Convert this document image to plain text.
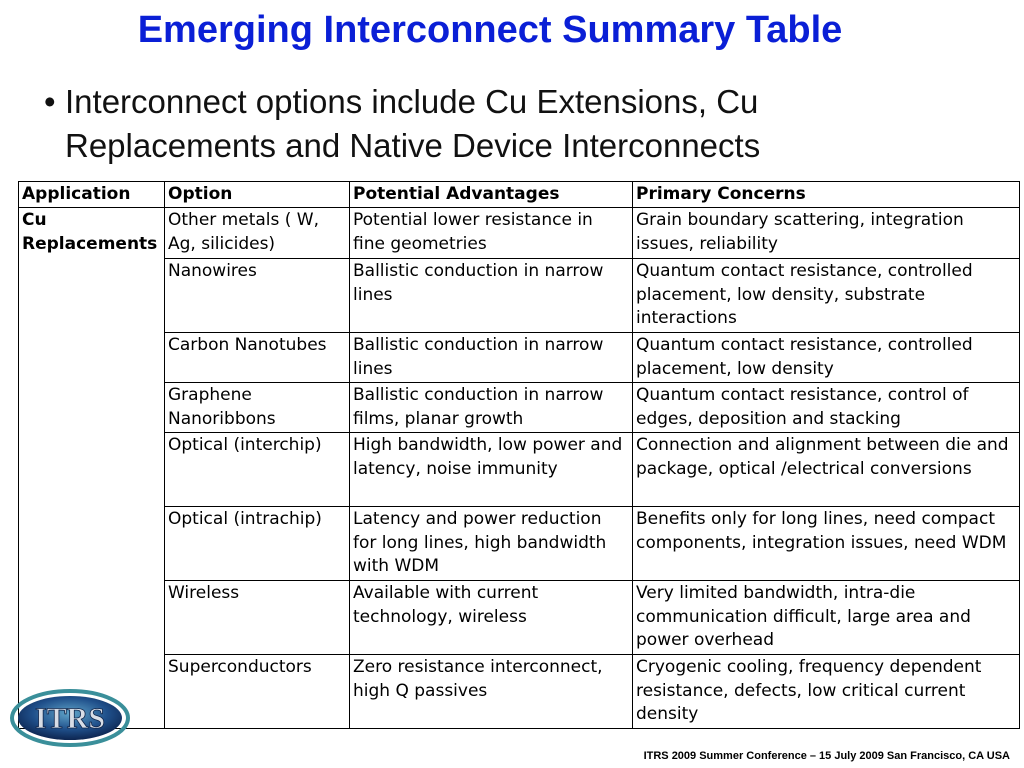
Emerging Interconnect Summary Table
• Interconnect options include Cu Extensions, Cu Replacements and Native Device Interconnects
Application	Option	Potential Advantages	Primary Concerns
Cu Replacements	Other metals ( W, Ag, silicides)	Potential lower resistance in fine geometries	Grain boundary scattering, integration issues, reliability
	Nanowires	Ballistic conduction in narrow lines	Quantum contact resistance, controlled placement, low density, substrate interactions
	Carbon Nanotubes	Ballistic conduction in narrow lines	Quantum contact resistance, controlled placement, low density
	Graphene Nanoribbons	Ballistic conduction in narrow films, planar growth	Quantum contact resistance, control of edges, deposition and stacking
	Optical (interchip)	High bandwidth, low power and latency, noise immunity	Connection and alignment between die and package, optical /electrical conversions
	Optical (intrachip)	Latency and power reduction for long lines, high bandwidth with WDM	Benefits only for long lines, need compact components, integration issues, need WDM
	Wireless	Available with current technology, wireless	Very limited bandwidth, intra-die communication difficult, large area and power overhead
	Superconductors	Zero resistance interconnect, high Q passives	Cryogenic cooling, frequency dependent resistance, defects, low critical current density
ITRS
ITRS 2009 Summer Conference – 15 July 2009 San Francisco, CA USA
